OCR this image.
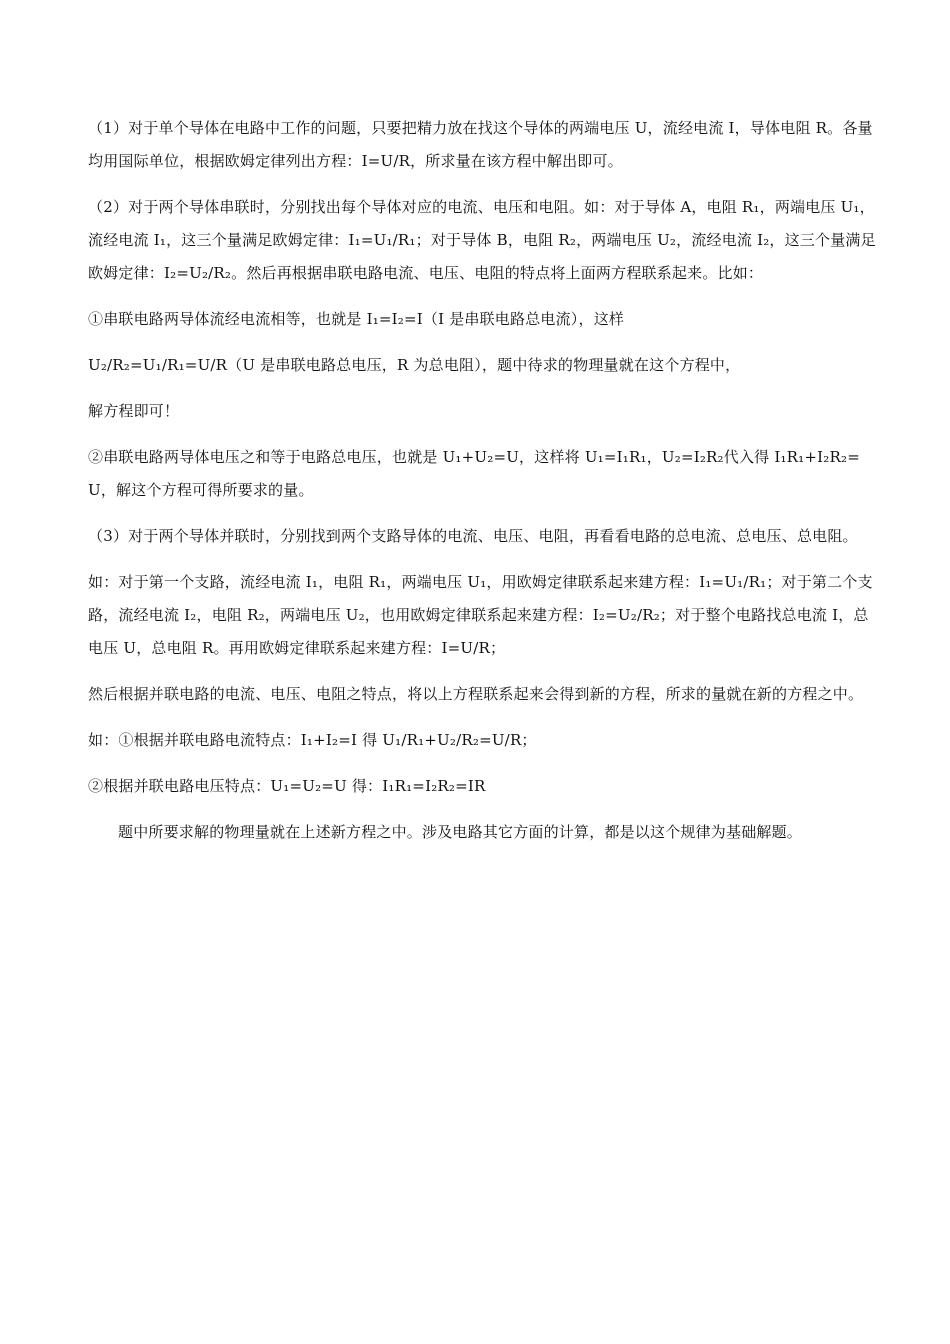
（1）对于单个导体在电路中工作的问题，只要把精力放在找这个导体的两端电压 U，流经电流 I，导体电阻 R。各量均用国际单位，根据欧姆定律列出方程：I=U/R，所求量在该方程中解出即可。

（2）对于两个导体串联时，分别找出每个导体对应的电流、电压和电阻。如：对于导体 A，电阻 R₁，两端电压 U₁，流经电流 I₁，这三个量满足欧姆定律：I₁=U₁/R₁；对于导体 B，电阻 R₂，两端电压 U₂，流经电流 I₂，这三个量满足欧姆定律：I₂=U₂/R₂。然后再根据串联电路电流、电压、电阻的特点将上面两方程联系起来。比如：

①串联电路两导体流经电流相等，也就是 I₁=I₂=I（I 是串联电路总电流），这样

U₂/R₂=U₁/R₁=U/R（U 是串联电路总电压，R 为总电阻），题中待求的物理量就在这个方程中，

解方程即可！

②串联电路两导体电压之和等于电路总电压，也就是 U₁+U₂=U，这样将 U₁=I₁R₁，U₂=I₂R₂代入得 I₁R₁+I₂R₂=U，解这个方程可得所要求的量。

（3）对于两个导体并联时，分别找到两个支路导体的电流、电压、电阻，再看看电路的总电流、总电压、总电阻。

如：对于第一个支路，流经电流 I₁，电阻 R₁，两端电压 U₁，用欧姆定律联系起来建方程：I₁=U₁/R₁；对于第二个支路，流经电流 I₂，电阻 R₂，两端电压 U₂，也用欧姆定律联系起来建方程：I₂=U₂/R₂；对于整个电路找总电流 I，总电压 U，总电阻 R。再用欧姆定律联系起来建方程：I=U/R；

然后根据并联电路的电流、电压、电阻之特点，将以上方程联系起来会得到新的方程，所求的量就在新的方程之中。

如：①根据并联电路电流特点：I₁+I₂=I 得 U₁/R₁+U₂/R₂=U/R；

②根据并联电路电压特点：U₁=U₂=U 得：I₁R₁=I₂R₂=IR

题中所要求解的物理量就在上述新方程之中。涉及电路其它方面的计算，都是以这个规律为基础解题。
